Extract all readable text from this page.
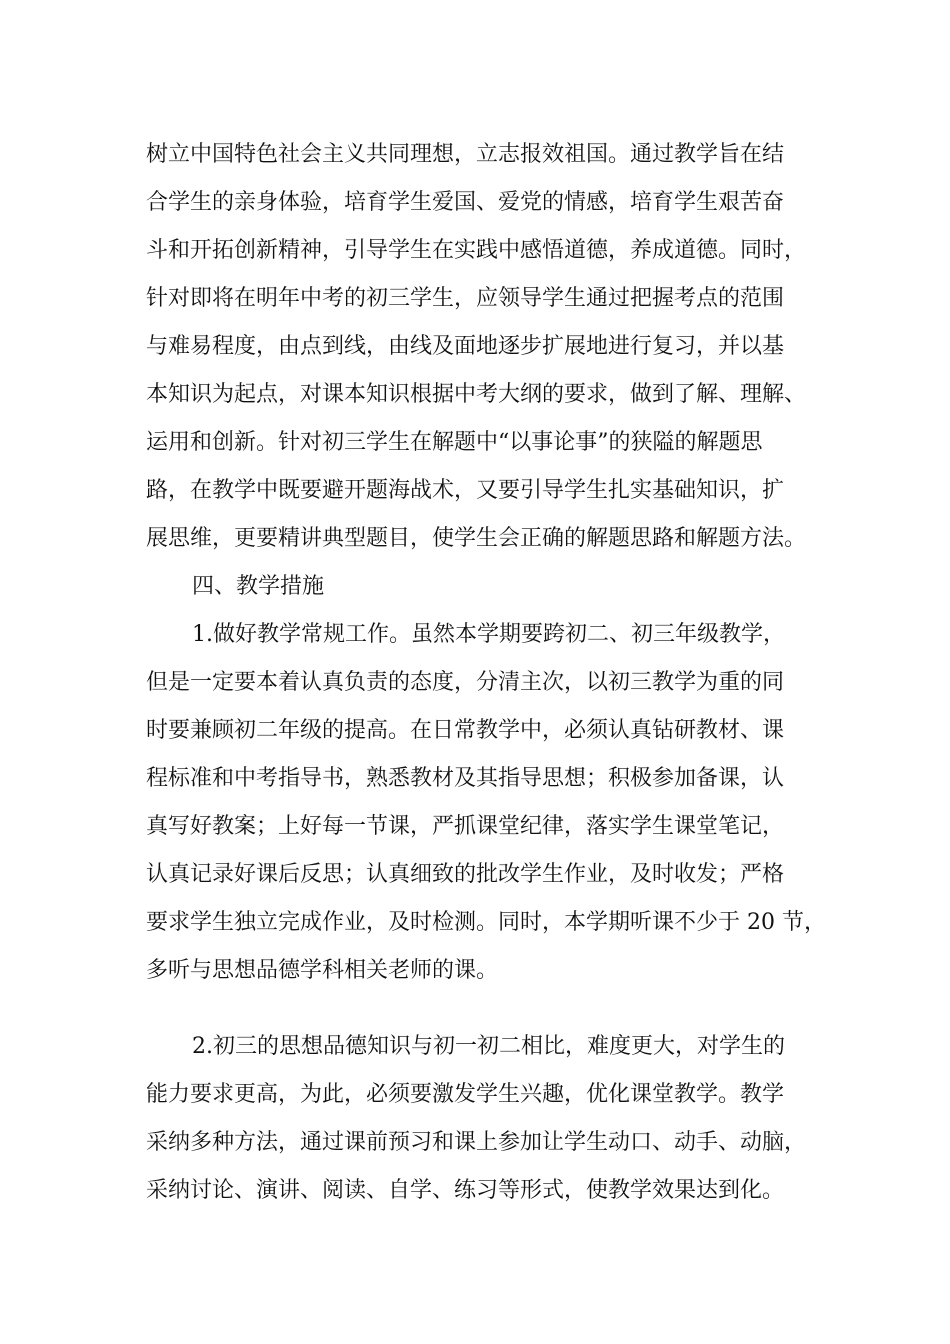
树立中国特色社会主义共同理想，立志报效祖国。通过教学旨在结
合学生的亲身体验，培育学生爱国、爱党的情感，培育学生艰苦奋
斗和开拓创新精神，引导学生在实践中感悟道德，养成道德。同时，
针对即将在明年中考的初三学生，应领导学生通过把握考点的范围
与难易程度，由点到线，由线及面地逐步扩展地进行复习，并以基
本知识为起点，对课本知识根据中考大纲的要求，做到了解、理解、
运用和创新。针对初三学生在解题中“以事论事”的狭隘的解题思
路，在教学中既要避开题海战术，又要引导学生扎实基础知识，扩
展思维，更要精讲典型题目，使学生会正确的解题思路和解题方法。
四、教学措施
1.做好教学常规工作。虽然本学期要跨初二、初三年级教学，
但是一定要本着认真负责的态度，分清主次，以初三教学为重的同
时要兼顾初二年级的提高。在日常教学中，必须认真钻研教材、课
程标准和中考指导书，熟悉教材及其指导思想；积极参加备课，认
真写好教案；上好每一节课，严抓课堂纪律，落实学生课堂笔记，
认真记录好课后反思；认真细致的批改学生作业，及时收发；严格
要求学生独立完成作业，及时检测。同时，本学期听课不少于 20 节，
多听与思想品德学科相关老师的课。
2.初三的思想品德知识与初一初二相比，难度更大，对学生的
能力要求更高，为此，必须要激发学生兴趣，优化课堂教学。教学
采纳多种方法，通过课前预习和课上参加让学生动口、动手、动脑，
采纳讨论、演讲、阅读、自学、练习等形式，使教学效果达到化。
